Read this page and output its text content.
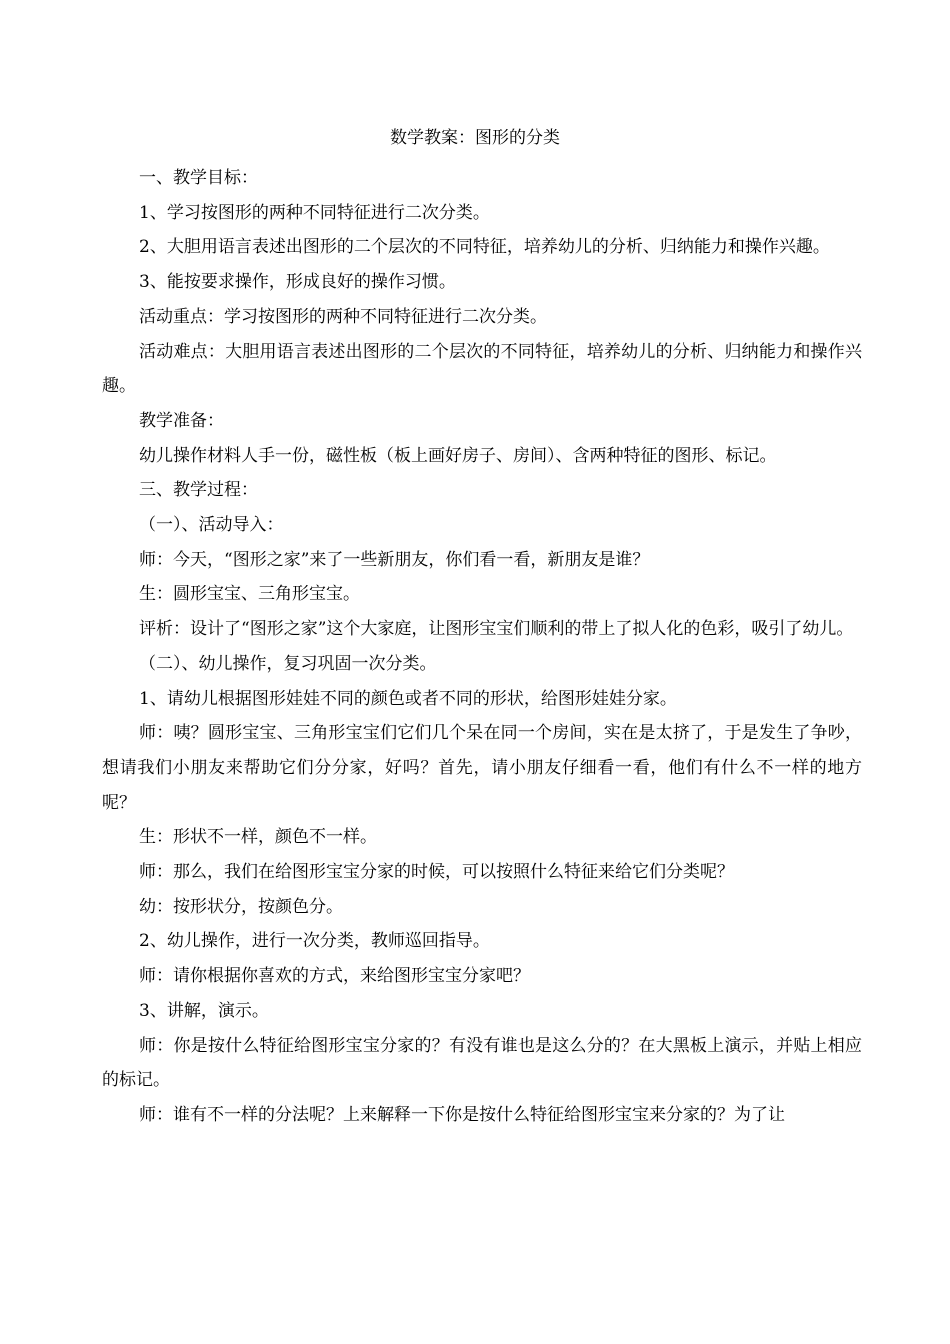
数学教案：图形的分类

一、教学目标：

1、学习按图形的两种不同特征进行二次分类。

2、大胆用语言表述出图形的二个层次的不同特征，培养幼儿的分析、归纳能力和操作兴趣。

3、能按要求操作，形成良好的操作习惯。

活动重点：学习按图形的两种不同特征进行二次分类。

活动难点：大胆用语言表述出图形的二个层次的不同特征，培养幼儿的分析、归纳能力和操作兴趣。

教学准备：

幼儿操作材料人手一份，磁性板（板上画好房子、房间）、含两种特征的图形、标记。

三、教学过程：

（一）、活动导入：

师：今天，“图形之家”来了一些新朋友，你们看一看，新朋友是谁？

生：圆形宝宝、三角形宝宝。

评析：设计了“图形之家”这个大家庭，让图形宝宝们顺利的带上了拟人化的色彩，吸引了幼儿。

（二）、幼儿操作，复习巩固一次分类。

1、请幼儿根据图形娃娃不同的颜色或者不同的形状，给图形娃娃分家。

师：咦？圆形宝宝、三角形宝宝们它们几个呆在同一个房间，实在是太挤了，于是发生了争吵，想请我们小朋友来帮助它们分分家，好吗？首先，请小朋友仔细看一看，他们有什么不一样的地方呢？

生：形状不一样，颜色不一样。

师：那么，我们在给图形宝宝分家的时候，可以按照什么特征来给它们分类呢？

幼：按形状分，按颜色分。

2、幼儿操作，进行一次分类，教师巡回指导。

师：请你根据你喜欢的方式，来给图形宝宝分家吧？

3、讲解，演示。

师：你是按什么特征给图形宝宝分家的？有没有谁也是这么分的？在大黑板上演示，并贴上相应的标记。

师：谁有不一样的分法呢？上来解释一下你是按什么特征给图形宝宝来分家的？为了让
